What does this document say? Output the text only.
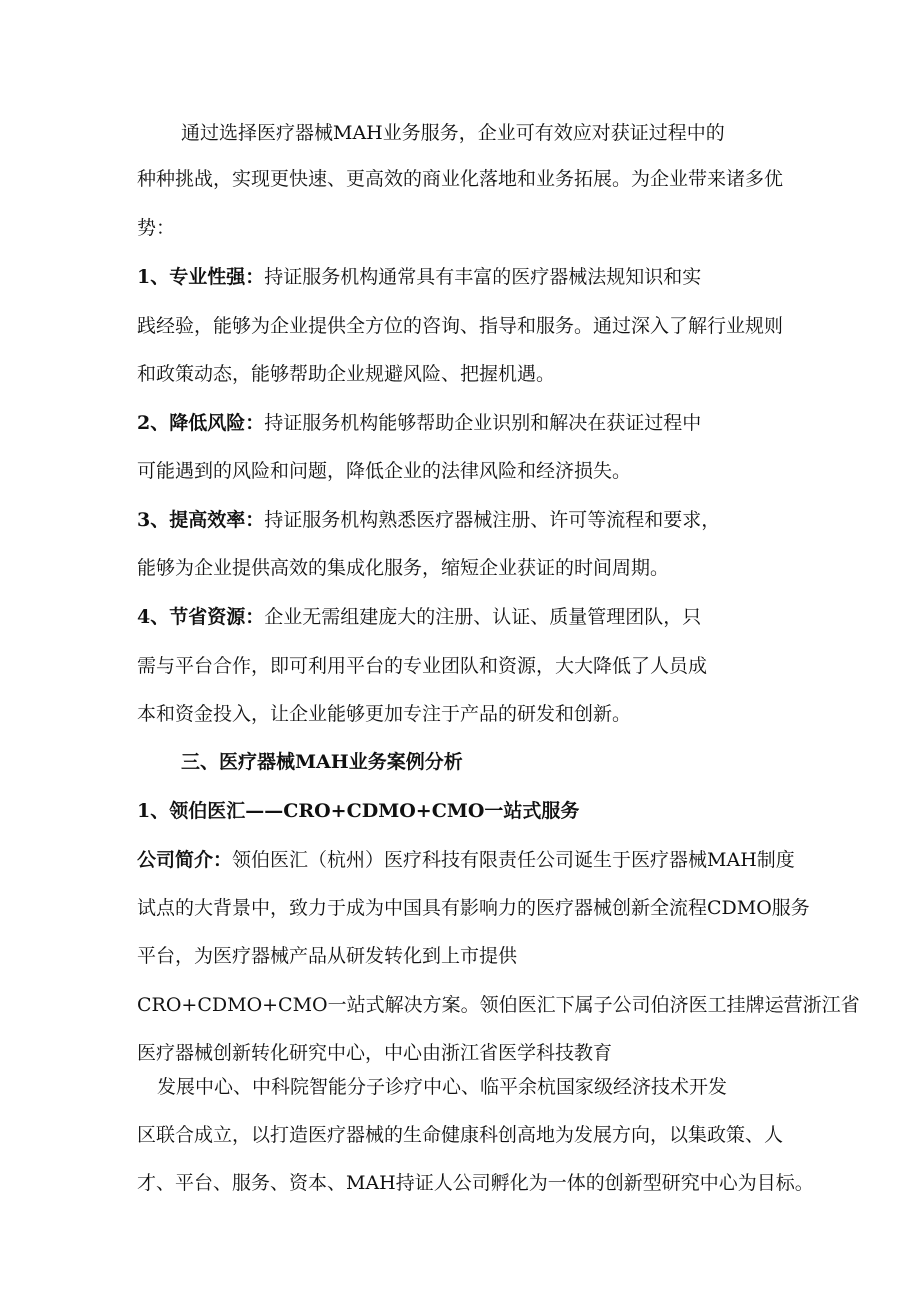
通过选择医疗器械MAH业务服务，企业可有效应对获证过程中的
种种挑战，实现更快速、更高效的商业化落地和业务拓展。为企业带来诸多优
势：
1、专业性强：持证服务机构通常具有丰富的医疗器械法规知识和实
践经验，能够为企业提供全方位的咨询、指导和服务。通过深入了解行业规则
和政策动态，能够帮助企业规避风险、把握机遇。
2、降低风险：持证服务机构能够帮助企业识别和解决在获证过程中
可能遇到的风险和问题，降低企业的法律风险和经济损失。
3、提高效率：持证服务机构熟悉医疗器械注册、许可等流程和要求，
能够为企业提供高效的集成化服务，缩短企业获证的时间周期。
4、节省资源：企业无需组建庞大的注册、认证、质量管理团队，只
需与平台合作，即可利用平台的专业团队和资源，大大降低了人员成
本和资金投入，让企业能够更加专注于产品的研发和创新。
三、医疗器械MAH业务案例分析
1、领伯医汇——CRO+CDMO+CMO一站式服务
公司简介：领伯医汇（杭州）医疗科技有限责任公司诞生于医疗器械MAH制度
试点的大背景中，致力于成为中国具有影响力的医疗器械创新全流程CDMO服务
平台，为医疗器械产品从研发转化到上市提供
CRO+CDMO+CMO一站式解决方案。领伯医汇下属子公司伯济医工挂牌运营浙江省
医疗器械创新转化研究中心，中心由浙江省医学科技教育
发展中心、中科院智能分子诊疗中心、临平余杭国家级经济技术开发
区联合成立，以打造医疗器械的生命健康科创高地为发展方向，以集政策、人
才、平台、服务、资本、MAH持证人公司孵化为一体的创新型研究中心为目标。
